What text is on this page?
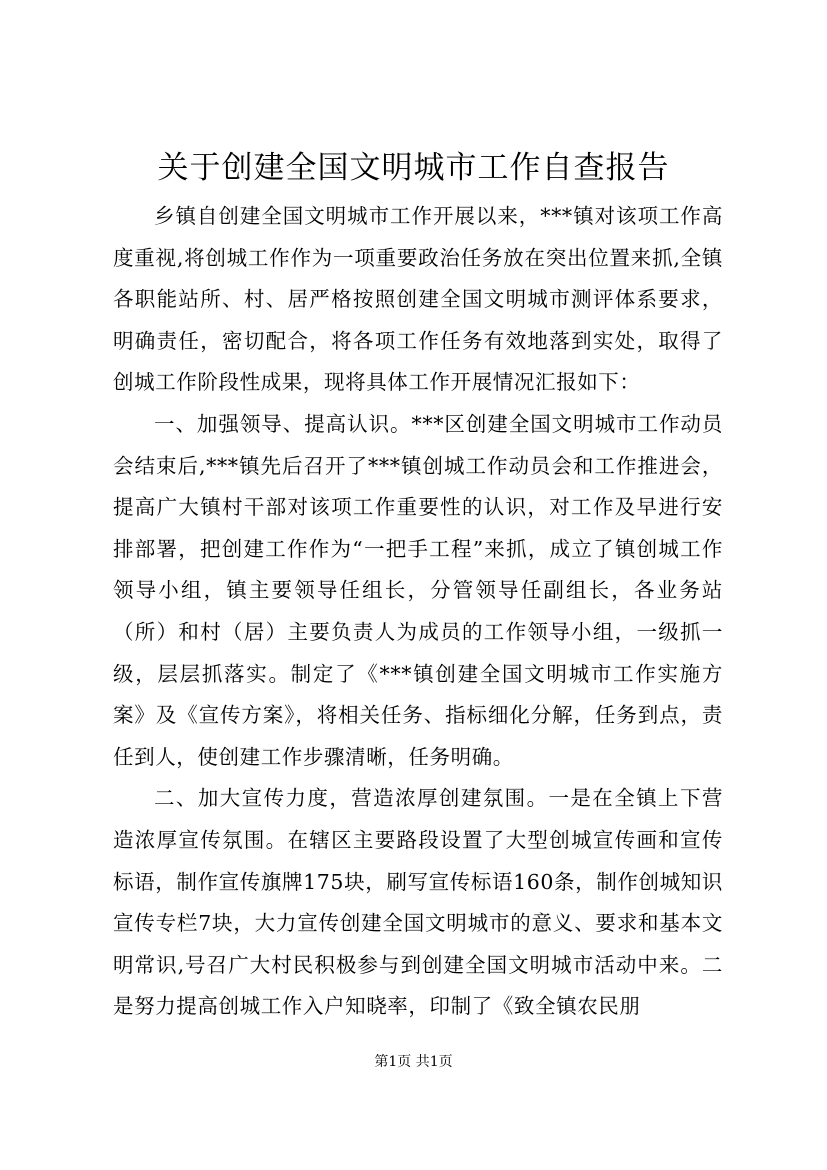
关于创建全国文明城市工作自查报告

乡镇自创建全国文明城市工作开展以来，***镇对该项工作高度重视,将创城工作作为一项重要政治任务放在突出位置来抓,全镇各职能站所、村、居严格按照创建全国文明城市测评体系要求，明确责任，密切配合，将各项工作任务有效地落到实处，取得了创城工作阶段性成果，现将具体工作开展情况汇报如下：

一、加强领导、提高认识。***区创建全国文明城市工作动员会结束后,***镇先后召开了***镇创城工作动员会和工作推进会，提高广大镇村干部对该项工作重要性的认识，对工作及早进行安排部署，把创建工作作为“一把手工程”来抓，成立了镇创城工作领导小组，镇主要领导任组长，分管领导任副组长，各业务站（所）和村（居）主要负责人为成员的工作领导小组，一级抓一级，层层抓落实。制定了《***镇创建全国文明城市工作实施方案》及《宣传方案》，将相关任务、指标细化分解，任务到点，责任到人，使创建工作步骤清晰，任务明确。

二、加大宣传力度，营造浓厚创建氛围。一是在全镇上下营造浓厚宣传氛围。在辖区主要路段设置了大型创城宣传画和宣传标语，制作宣传旗牌175块，刷写宣传标语160条，制作创城知识宣传专栏7块，大力宣传创建全国文明城市的意义、要求和基本文明常识,号召广大村民积极参与到创建全国文明城市活动中来。二是努力提高创城工作入户知晓率，印制了《致全镇农民朋

第1页 共1页
